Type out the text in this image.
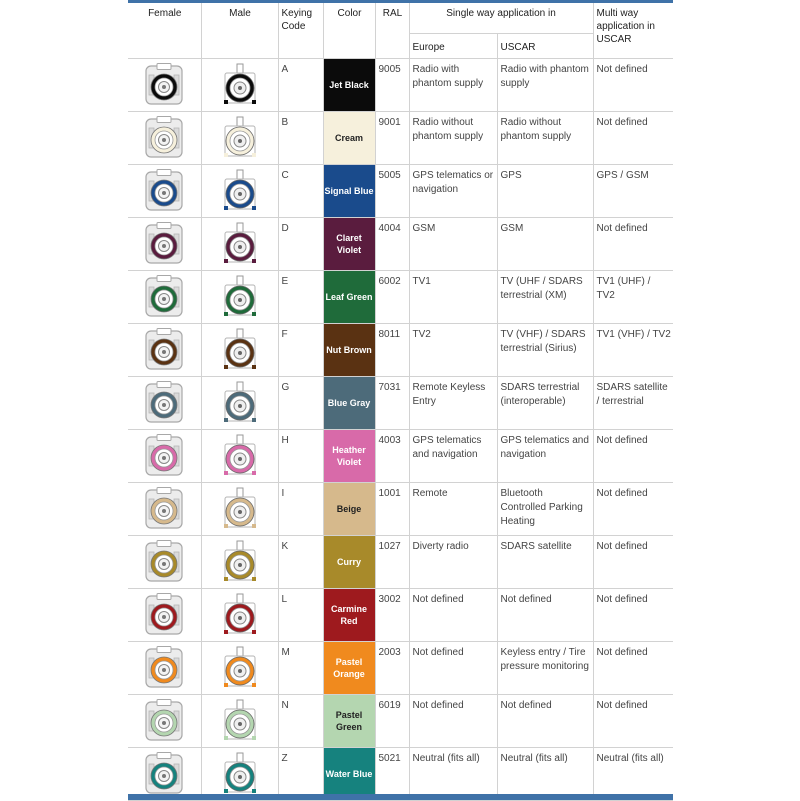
Female	Male	Keying Code	Color	RAL	Single way application in		Multi way application in USCAR
					Europe	USCAR	

A	Jet Black	9005	Radio with phantom supply	Radio with phantom supply	Not defined

B	Cream	9001	Radio without phantom supply	Radio without phantom supply	Not defined

C	Signal Blue	5005	GPS telematics or navigation	GPS	GPS / GSM

D	Claret Violet	4004	GSM	GSM	Not defined

E	Leaf Green	6002	TV1	TV (UHF / SDARS terrestrial (XM)	TV1 (UHF) / TV2

F	Nut Brown	8011	TV2	TV (VHF) / SDARS terrestrial (Sirius)	TV1 (VHF) / TV2

G	Blue Gray	7031	Remote Keyless Entry	SDARS terrestrial (interoperable)	SDARS satellite / terrestrial

H	Heather Violet	4003	GPS telematics and navigation	GPS telematics and navigation	Not defined

I	Beige	1001	Remote	Bluetooth Controlled Parking Heating	Not defined

K	Curry	1027	Diverty radio	SDARS satellite	Not defined

L	Carmine Red	3002	Not defined	Not defined	Not defined

M	Pastel Orange	2003	Not defined	Keyless entry / Tire pressure monitoring	Not defined

N	Pastel Green	6019	Not defined	Not defined	Not defined

Z	Water Blue	5021	Neutral (fits all)	Neutral (fits all)	Neutral (fits all)
